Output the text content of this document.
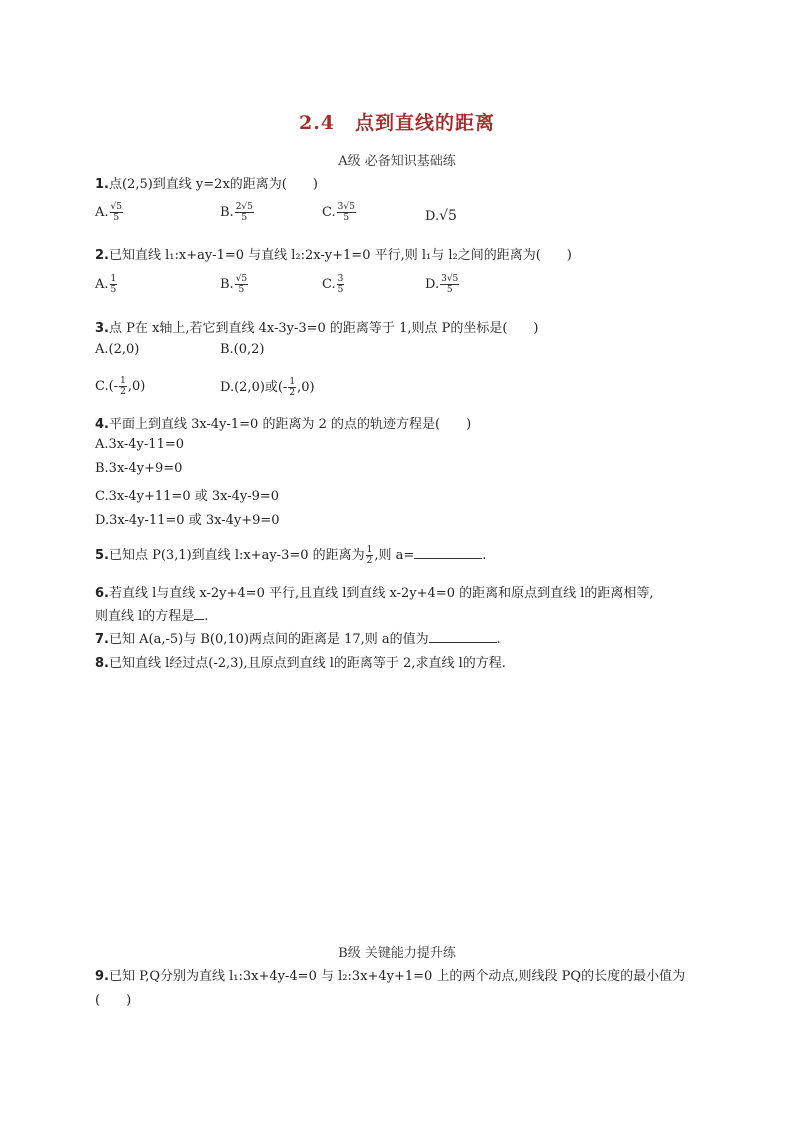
2.4　点到直线的距离
A级 必备知识基础练
1.点(2,5)到直线 y=2x的距离为(　　)
A. $\frac{√5}{5}$	B. $\frac{2√5}{5}$	C. $\frac{3√5}{5}$	D.√5
2.已知直线 l₁:x+ay-1=0 与直线 l₂:2x-y+1=0 平行,则 l₁与 l₂之间的距离为(　　)
A. $\frac{1}{5}$	B. $\frac{√5}{5}$	C. $\frac{3}{5}$	D. $\frac{3√5}{5}$
3.点 P在 x轴上,若它到直线 4x-3y-3=0 的距离等于 1,则点 P的坐标是(　　)
A.(2,0)	B.(0,2)
$C.(- \frac{1}{2} ,0)$	D.(2,0)或(- $\frac{1}{2} ,0$)
4.平面上到直线 3x-4y-1=0 的距离为 2 的点的轨迹方程是(　　)
A.3x-4y-11=0
B.3x-4y+9=0
C.3x-4y+11=0 或 3x-4y-9=0
D.3x-4y-11=0 或 3x-4y+9=0
5.已知点 P(3,1)到直线 l:x+ay-3=0 的距离为 $\frac{1}{2}$ ,则 a=	.
6.若直线 l与直线 x-2y+4=0 平行,且直线 l到直线 x-2y+4=0 的距离和原点到直线 l的距离相等,
则直线 l的方程是 .
7.已知 A(a,-5)与 B(0,10)两点间的距离是 17,则 a的值为	.
8.已知直线 l经过点(-2,3),且原点到直线 l的距离等于 2,求直线 l的方程.
B级 关键能力提升练
9.已知 P,Q分别为直线 l₁:3x+4y-4=0 与 l₂:3x+4y+1=0 上的两个动点,则线段 PQ的长度的最小值为
(　　)
